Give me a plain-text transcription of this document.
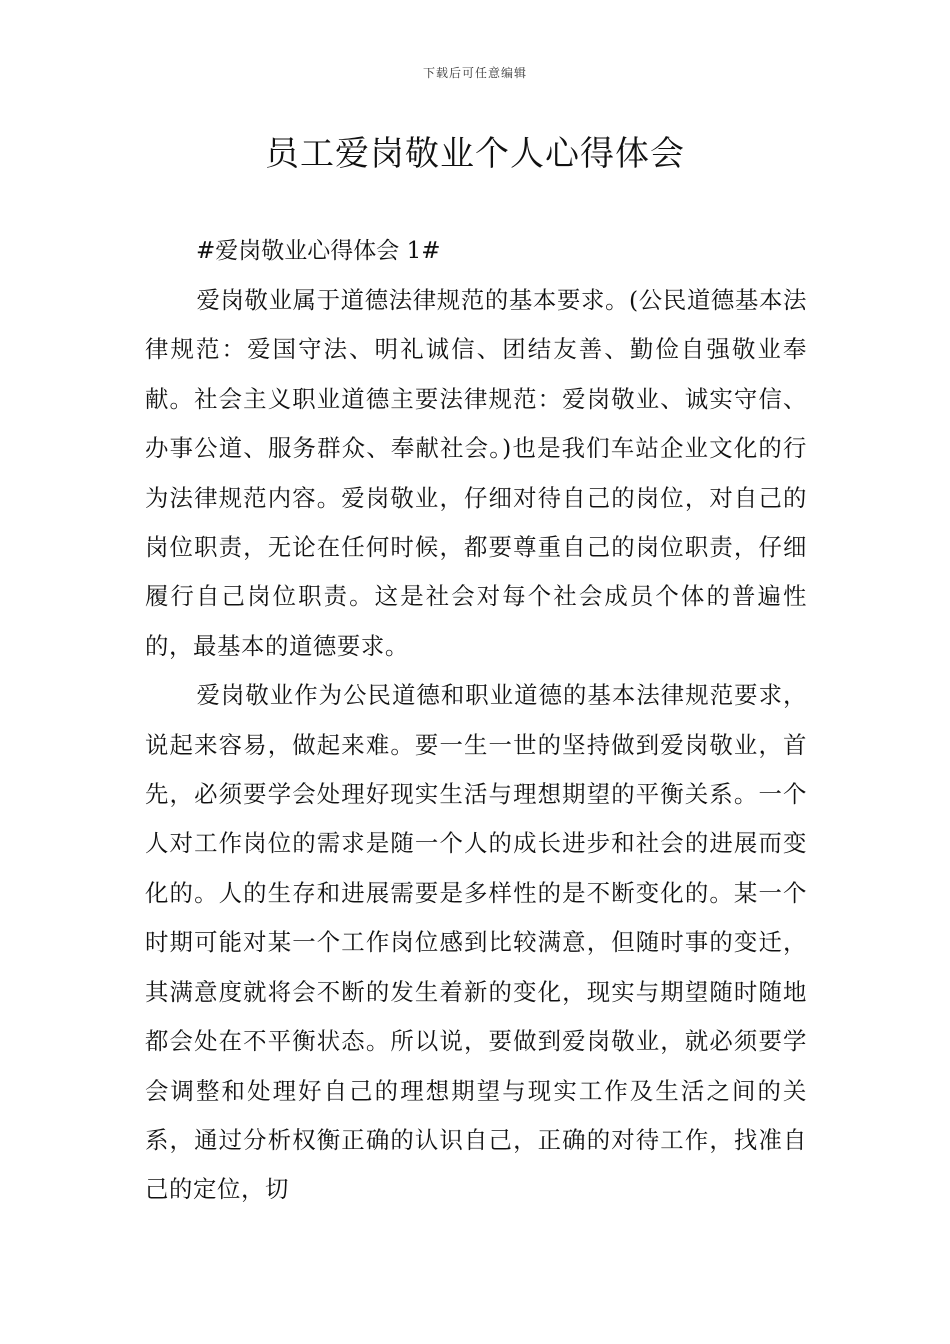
下载后可任意编辑
员工爱岗敬业个人心得体会

#爱岗敬业心得体会 1#

爱岗敬业属于道德法律规范的基本要求。(公民道德基本法律规范：爱国守法、明礼诚信、团结友善、勤俭自强敬业奉献。社会主义职业道德主要法律规范：爱岗敬业、诚实守信、办事公道、服务群众、奉献社会。)也是我们车站企业文化的行为法律规范内容。爱岗敬业，仔细对待自己的岗位，对自己的岗位职责，无论在任何时候，都要尊重自己的岗位职责，仔细履行自己岗位职责。这是社会对每个社会成员个体的普遍性的，最基本的道德要求。

爱岗敬业作为公民道德和职业道德的基本法律规范要求，说起来容易，做起来难。要一生一世的坚持做到爱岗敬业，首先，必须要学会处理好现实生活与理想期望的平衡关系。一个人对工作岗位的需求是随一个人的成长进步和社会的进展而变化的。人的生存和进展需要是多样性的是不断变化的。某一个时期可能对某一个工作岗位感到比较满意，但随时事的变迁，其满意度就将会不断的发生着新的变化，现实与期望随时随地都会处在不平衡状态。所以说，要做到爱岗敬业，就必须要学会调整和处理好自己的理想期望与现实工作及生活之间的关系，通过分析权衡正确的认识自己，正确的对待工作，找准自己的定位，切
